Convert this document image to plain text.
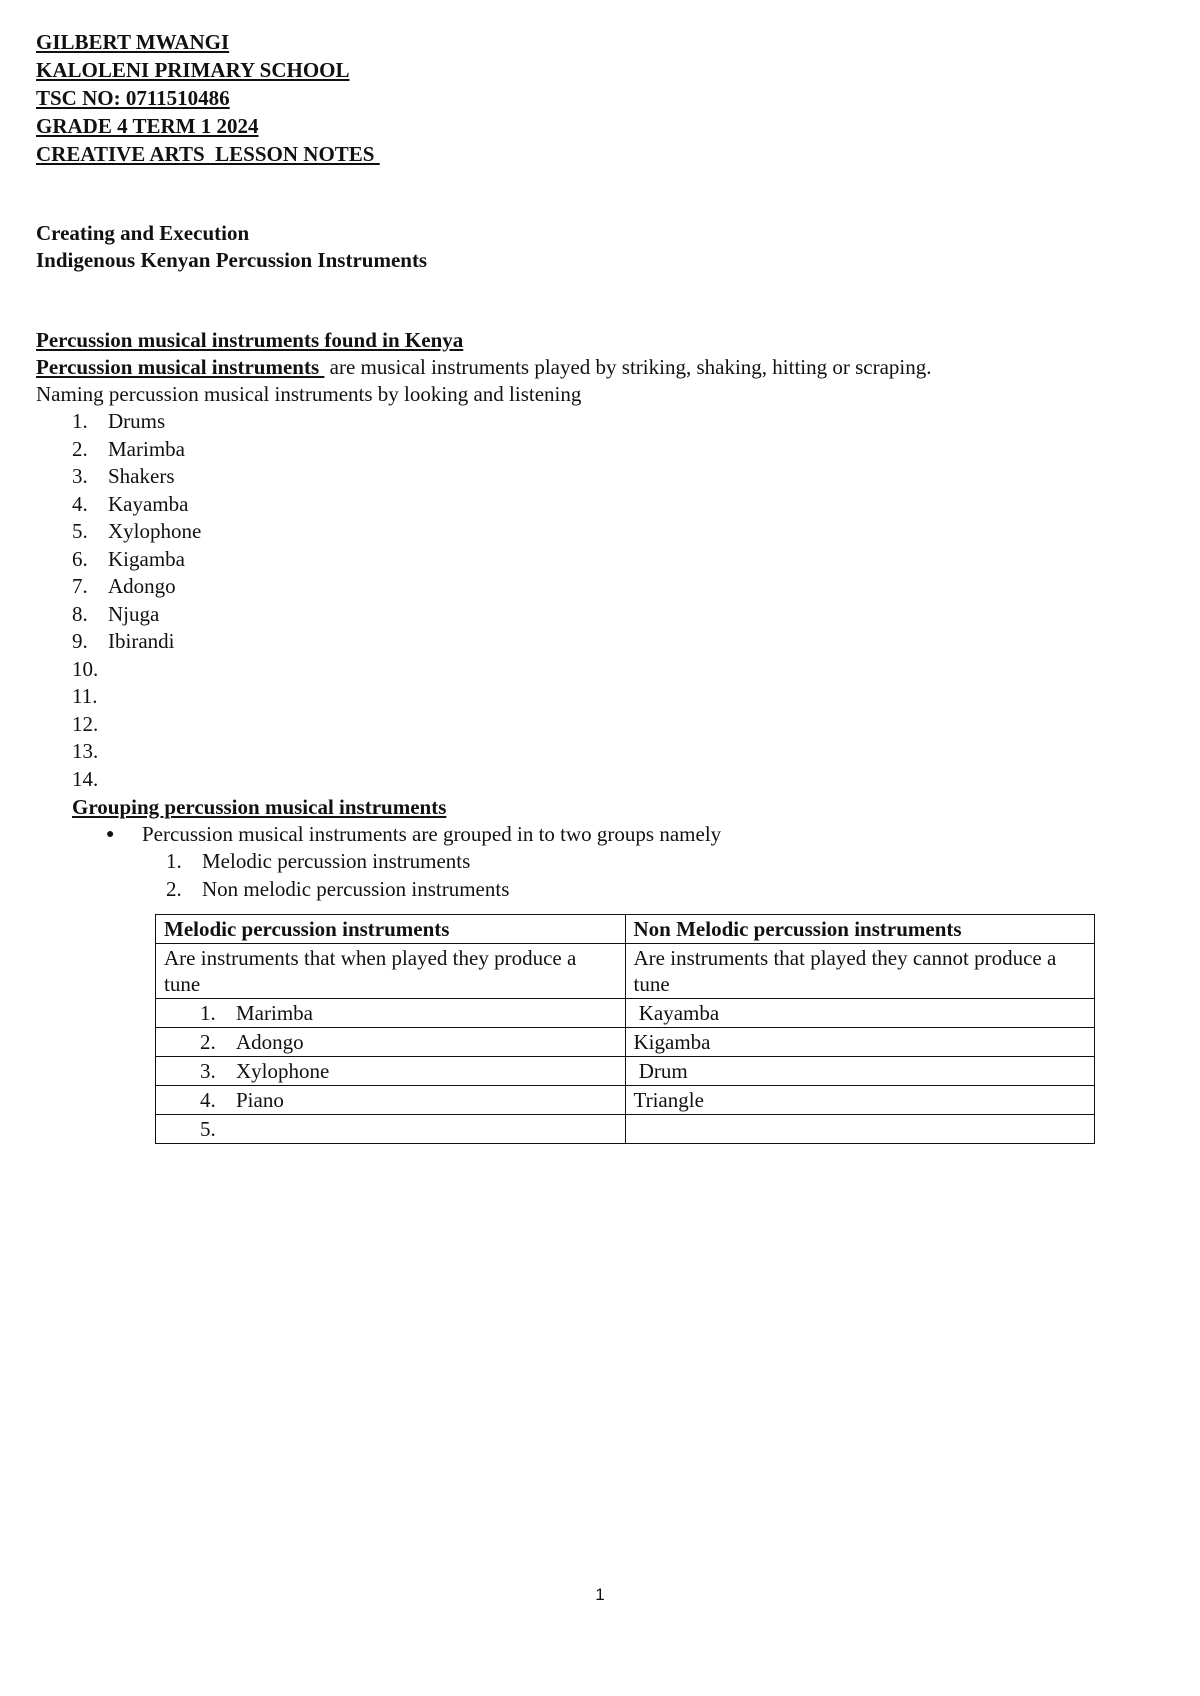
GILBERT MWANGI
KALOLENI PRIMARY SCHOOL
TSC NO: 0711510486
GRADE 4 TERM 1 2024
CREATIVE ARTS  LESSON NOTES
Creating and Execution
Indigenous Kenyan Percussion Instruments
Percussion musical instruments found in Kenya
Percussion musical instruments  are musical instruments played by striking, shaking, hitting or scraping.
Naming percussion musical instruments by looking and listening
1. Drums
2. Marimba
3. Shakers
4. Kayamba
5. Xylophone
6. Kigamba
7. Adongo
8. Njuga
9. Ibirandi
10.
11.
12.
13.
14.
Grouping percussion musical instruments
●	Percussion musical instruments are grouped in to two groups namely
1. Melodic percussion instruments
2. Non melodic percussion instruments
Melodic percussion instruments	Non Melodic percussion instruments
Are instruments that when played they produce a tune	Are instruments that played they cannot produce a tune
1. Marimba	Kayamba
2. Adongo	Kigamba
3. Xylophone	Drum
4. Piano	Triangle
5.	
1
